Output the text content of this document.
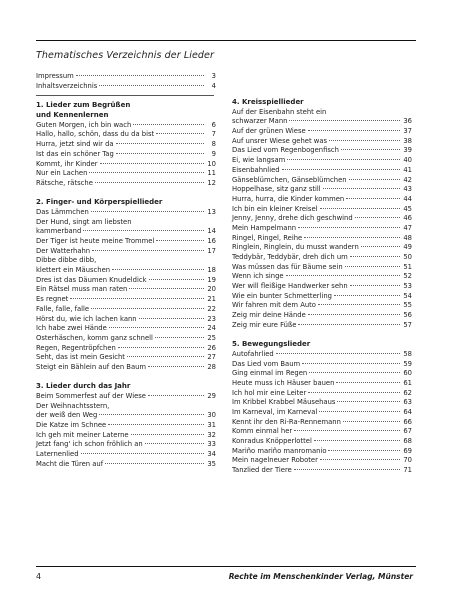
Thematisches Verzeichnis der Lieder
Impressum	3
Inhaltsverzeichnis	4
1. Lieder zum Begrüßen
und Kennenlernen
Guten Morgen, ich bin wach	6
Hallo, hallo, schön, dass du da bist	7
Hurra, jetzt sind wir da	8
Ist das ein schöner Tag	9
Kommt, ihr Kinder	10
Nur ein Lachen	11
Rätsche, rätsche	12
2. Finger- und Körperspiellieder
Das Lämmchen	13
Der Hund, singt am liebsten
kammerband	14
Der Tiger ist heute meine Trommel	16
Der Watterhahn	17
Dibbe dibbe dibb,
klettert ein Mäuschen	18
Dres ist das Däumen Knudeldick	19
Ein Rätsel muss man raten	20
Es regnet	21
Falle, falle, falle	22
Hörst du, wie ich lachen kann	23
Ich habe zwei Hände	24
Osterhäschen, komm ganz schnell	25
Regen, Regentröpfchen	26
Seht, das ist mein Gesicht	27
Steigt ein Bählein auf den Baum	28
3. Lieder durch das Jahr
Beim Sommerfest auf der Wiese	29
Der Weihnachtsstern,
der weiß den Weg	30
Die Katze im Schnee	31
Ich geh mit meiner Laterne	32
Jetzt fang' ich schon fröhlich an	33
Laternenlied	34
Macht die Türen auf	35
4. Kreisspiellieder
Auf der Eisenbahn steht ein
schwarzer Mann	36
Auf der grünen Wiese	37
Auf unsrer Wiese gehet was	38
Das Lied vom Regenbogenfisch	39
Ei, wie langsam	40
Eisenbahnlied	41
Gänseblümchen, Gänseblümchen	42
Hoppelhase, sitz ganz still	43
Hurra, hurra, die Kinder kommen	44
Ich bin ein kleiner Kreisel	45
Jenny, Jenny, drehe dich geschwind	46
Mein Hampelmann	47
Ringel, Ringel, Reihe	48
Ringlein, Ringlein, du musst wandern	49
Teddybär, Teddybär, dreh dich um	50
Was müssen das für Bäume sein	51
Wenn ich singe	52
Wer will fleißige Handwerker sehn	53
Wie ein bunter Schmetterling	54
Wir fahren mit dem Auto	55
Zeig mir deine Hände	56
Zeig mir eure Füße	57
5. Bewegungslieder
Autofahrlied	58
Das Lied vom Baum	59
Ging einmal im Regen	60
Heute muss ich Häuser bauen	61
Ich hol mir eine Leiter	62
Im Kribbel Krabbel Mäusehaus	63
Im Karneval, im Karneval	64
Kennt ihr den Ri-Ra-Rennemann	66
Komm einmal her	67
Konradus Knöpperlottel	68
Mariño mariño manromanio	69
Mein nagelneuer Roboter	70
Tanzlied der Tiere	71
4	Rechte im Menschenkinder Verlag, Münster
